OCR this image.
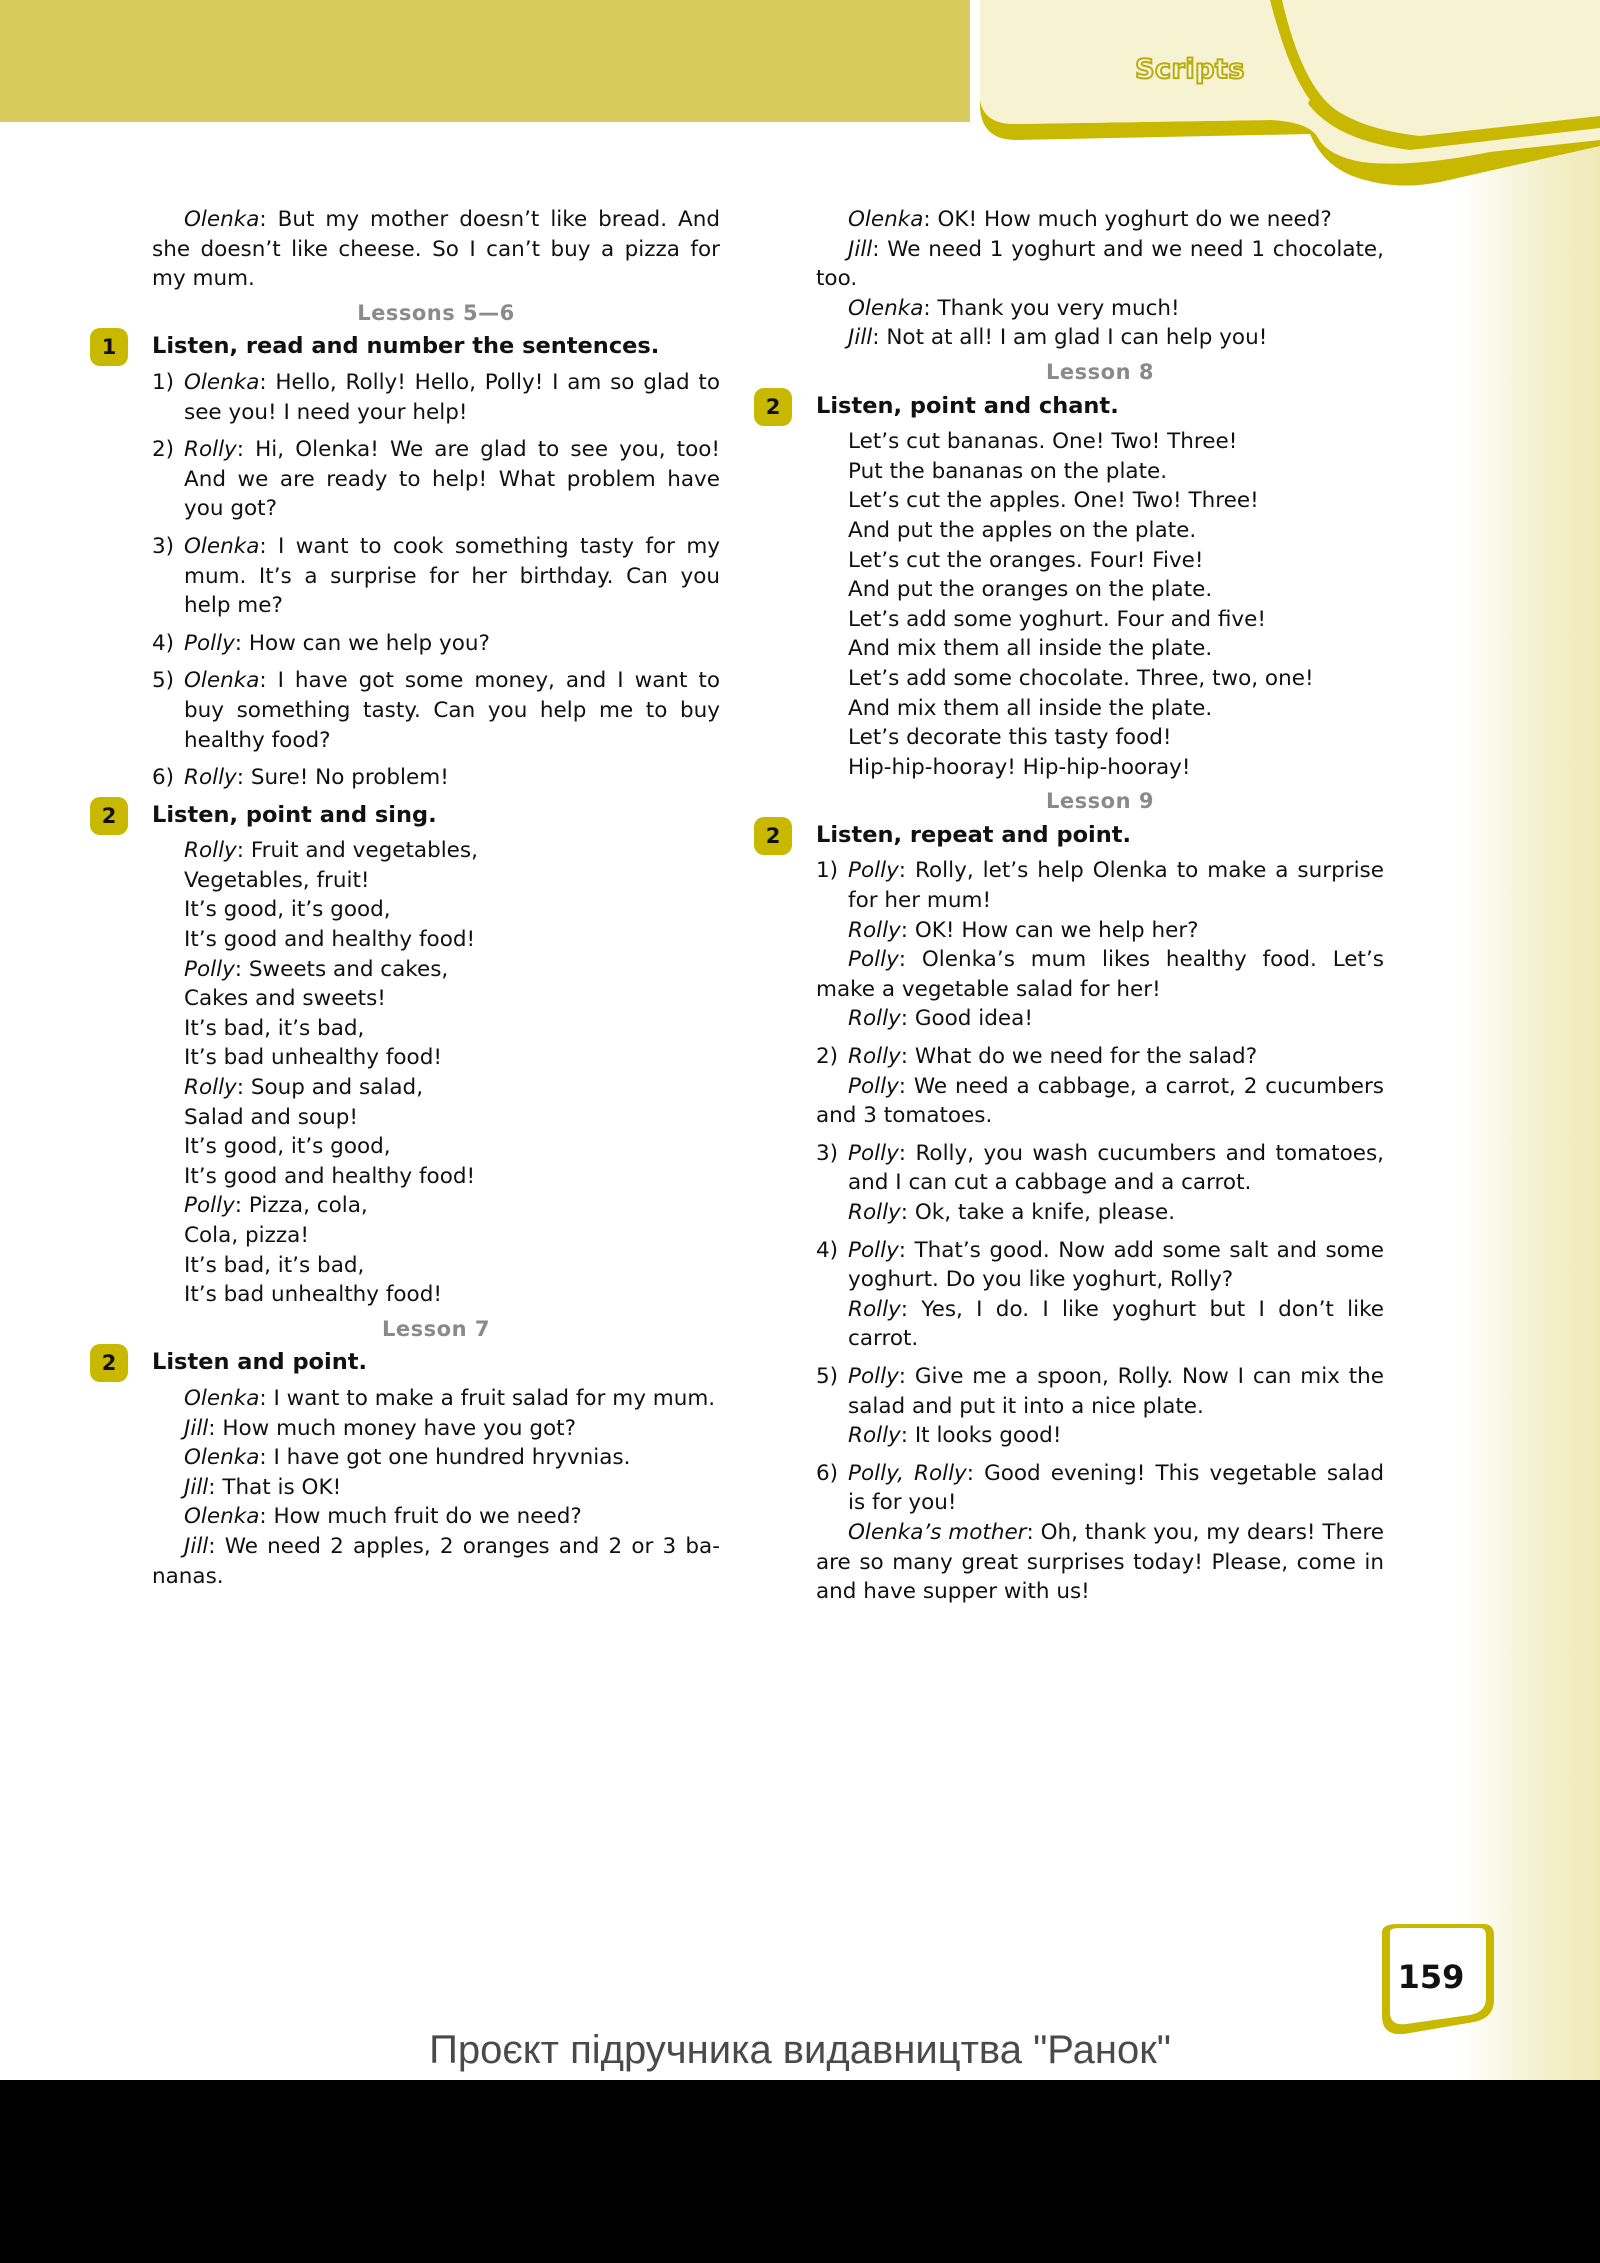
Scripts

Olenka: But my mother doesn’t like bread. And she doesn’t like cheese. So I can’t buy a pizza for my mum.

Lessons 5—6
1	Listen, read and number the sentences.
1) Olenka: Hello, Rolly! Hello, Polly! I am so glad to see you! I need your help!
2) Rolly: Hi, Olenka! We are glad to see you, too! And we are ready to help! What problem have you got?
3) Olenka: I want to cook something tasty for my mum. It’s a surprise for her birthday. Can you help me?
4) Polly: How can we help you?
5) Olenka: I have got some money, and I want to buy something tasty. Can you help me to buy healthy food?
6) Rolly: Sure! No problem!
2	Listen, point and sing.

Rolly: Fruit and vegetables,

Vegetables, fruit!

It’s good, it’s good,

It’s good and healthy food!

Polly: Sweets and cakes,

Cakes and sweets!

It’s bad, it’s bad,

It’s bad unhealthy food!

Rolly: Soup and salad,

Salad and soup!

It’s good, it’s good,

It’s good and healthy food!

Polly: Pizza, cola,

Cola, pizza!

It’s bad, it’s bad,

It’s bad unhealthy food!

Lesson 7
2	Listen and point.

Olenka: I want to make a fruit salad for my mum.

Jill: How much money have you got?

Olenka: I have got one hundred hryvnias.

Jill: That is OK!

Olenka: How much fruit do we need?

Jill: We need 2 apples, 2 oranges and 2 or 3 ba-nanas.

Olenka: OK! How much yoghurt do we need?

Jill: We need 1 yoghurt and we need 1 chocolate, too.

Olenka: Thank you very much!

Jill: Not at all! I am glad I can help you!

Lesson 8
2	Listen, point and chant.

Let’s cut bananas. One! Two! Three!

Put the bananas on the plate.

Let’s cut the apples. One! Two! Three!

And put the apples on the plate.

Let’s cut the oranges. Four! Five!

And put the oranges on the plate.

Let’s add some yoghurt. Four and five!

And mix them all inside the plate.

Let’s add some chocolate. Three, two, one!

And mix them all inside the plate.

Let’s decorate this tasty food!

Hip-hip-hooray! Hip-hip-hooray!

Lesson 9
2	Listen, repeat and point.
1) Polly: Rolly, let’s help Olenka to make a surprise for her mum!

Rolly: OK! How can we help her?

Polly: Olenka’s mum likes healthy food. Let’s make a vegetable salad for her!

Rolly: Good idea!

2) Rolly: What do we need for the salad?

Polly: We need a cabbage, a carrot, 2 cucumbers and 3 tomatoes.

3) Polly: Rolly, you wash cucumbers and tomatoes, and I can cut a cabbage and a carrot.

Rolly: Ok, take a knife, please.

4) Polly: That’s good. Now add some salt and some yoghurt. Do you like yoghurt, Rolly?

Rolly: Yes, I do. I like yoghurt but I don’t like carrot.

5) Polly: Give me a spoon, Rolly. Now I can mix the salad and put it into a nice plate.

Rolly: It looks good!

6) Polly, Rolly: Good evening! This vegetable salad is for you!

Olenka’s mother: Oh, thank you, my dears! There are so many great surprises today! Please, come in and have supper with us!

159
Проєкт підручника видавництва "Ранок"
